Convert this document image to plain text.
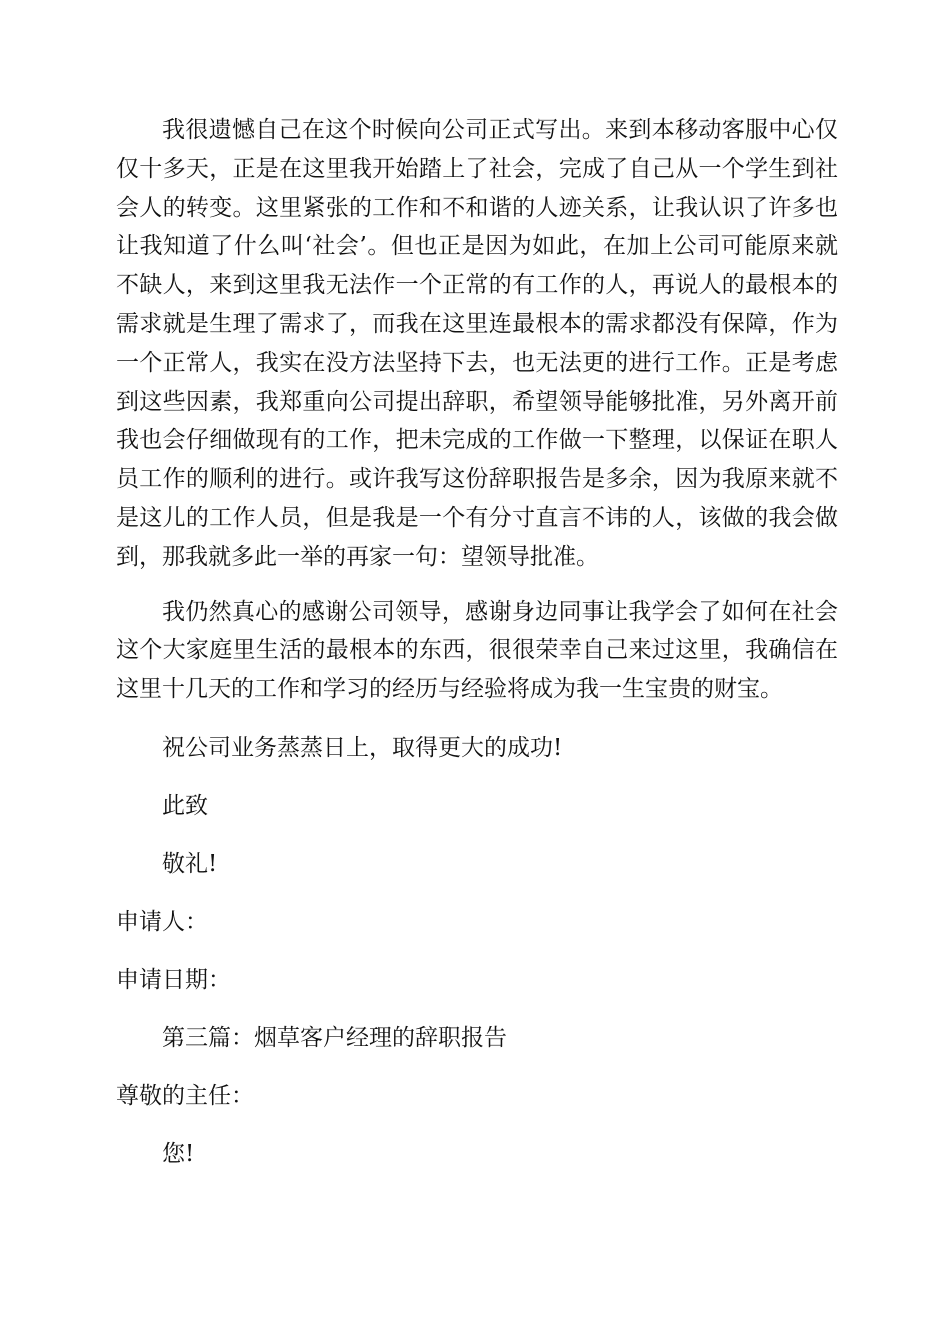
我很遗憾自己在这个时候向公司正式写出。来到本移动客服中心仅仅十多天，正是在这里我开始踏上了社会，完成了自己从一个学生到社会人的转变。这里紧张的工作和不和谐的人迹关系，让我认识了许多也让我知道了什么叫‘社会’。但也正是因为如此，在加上公司可能原来就不缺人，来到这里我无法作一个正常的有工作的人，再说人的最根本的需求就是生理了需求了，而我在这里连最根本的需求都没有保障，作为一个正常人，我实在没方法坚持下去，也无法更的进行工作。正是考虑到这些因素，我郑重向公司提出辞职，希望领导能够批准，另外离开前我也会仔细做现有的工作，把未完成的工作做一下整理，以保证在职人员工作的顺利的进行。或许我写这份辞职报告是多余，因为我原来就不是这儿的工作人员，但是我是一个有分寸直言不讳的人，该做的我会做到，那我就多此一举的再家一句：望领导批准。

我仍然真心的感谢公司领导，感谢身边同事让我学会了如何在社会这个大家庭里生活的最根本的东西，很很荣幸自己来过这里，我确信在这里十几天的工作和学习的经历与经验将成为我一生宝贵的财宝。

祝公司业务蒸蒸日上，取得更大的成功!
此致
敬礼!
申请人：
申请日期：
第三篇：烟草客户经理的辞职报告
尊敬的主任：
您!
